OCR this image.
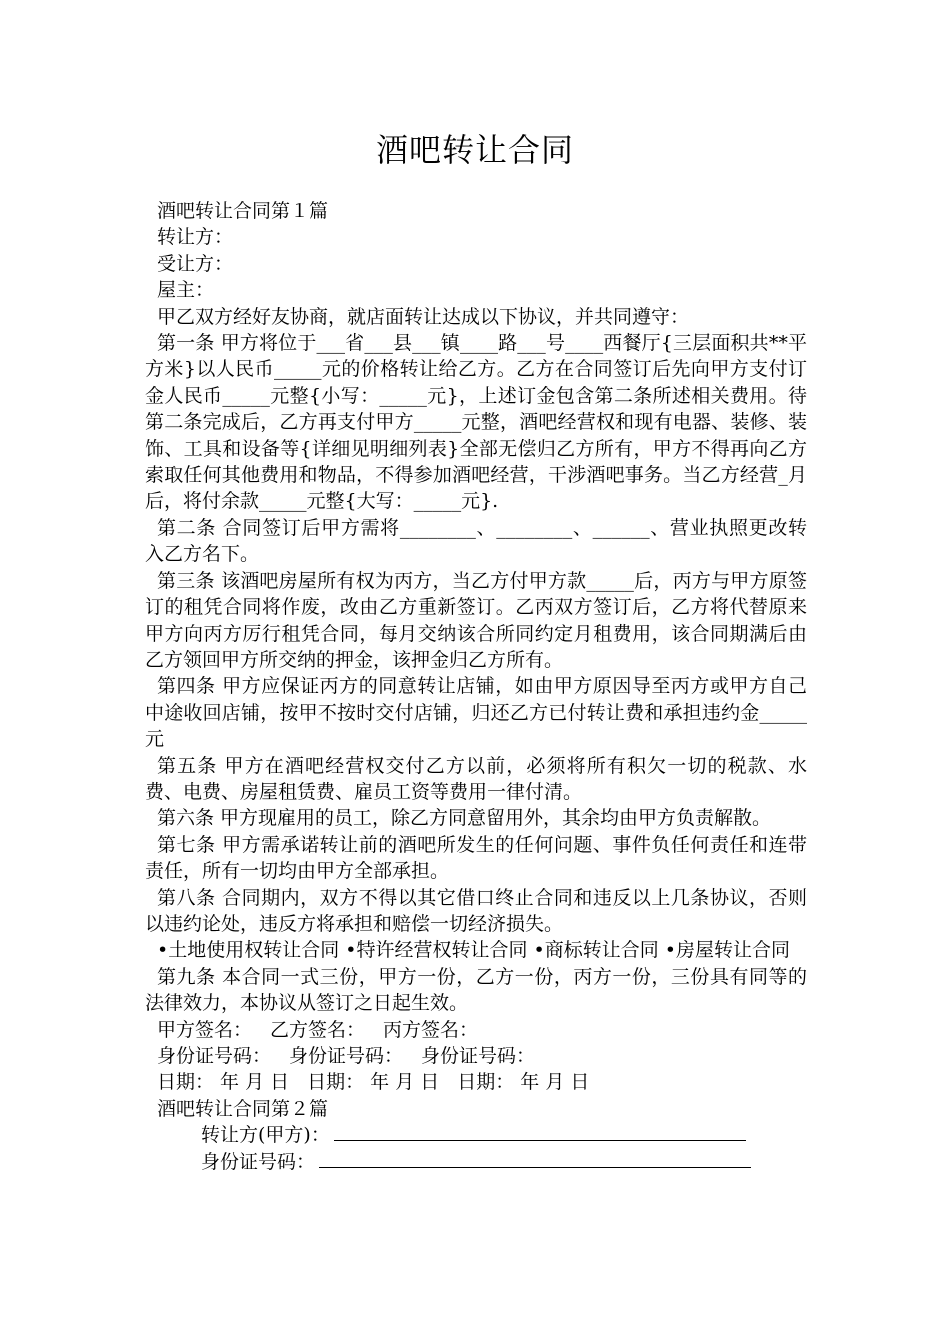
酒吧转让合同

酒吧转让合同第１篇

转让方：

受让方：

屋主：

甲乙双方经好友协商，就店面转让达成以下协议，并共同遵守：

第一条 甲方将位于___省___县___镇____路___号____西餐厅{三层面积共**平方米}以人民币_____元的价格转让给乙方。乙方在合同签订后先向甲方支付订金人民币_____元整{小写：_____元}，上述订金包含第二条所述相关费用。待第二条完成后，乙方再支付甲方_____元整，酒吧经营权和现有电器、装修、装饰、工具和设备等{详细见明细列表}全部无偿归乙方所有，甲方不得再向乙方索取任何其他费用和物品，不得参加酒吧经营，干涉酒吧事务。当乙方经营_月后，将付余款_____元整{大写：_____元}.

第二条 合同签订后甲方需将________、________、______、营业执照更改转入乙方名下。

第三条 该酒吧房屋所有权为丙方，当乙方付甲方款_____后，丙方与甲方原签订的租凭合同将作废，改由乙方重新签订。乙丙双方签订后，乙方将代替原来甲方向丙方厉行租凭合同，每月交纳该合所同约定月租费用，该合同期满后由乙方领回甲方所交纳的押金，该押金归乙方所有。

第四条 甲方应保证丙方的同意转让店铺，如由甲方原因导至丙方或甲方自己中途收回店铺，按甲不按时交付店铺，归还乙方已付转让费和承担违约金_____元

第五条 甲方在酒吧经营权交付乙方以前，必须将所有积欠一切的税款、水费、电费、房屋租赁费、雇员工资等费用一律付清。

第六条 甲方现雇用的员工，除乙方同意留用外，其余均由甲方负责解散。

第七条 甲方需承诺转让前的酒吧所发生的任何问题、事件负任何责任和连带责任，所有一切均由甲方全部承担。

第八条 合同期内，双方不得以其它借口终止合同和违反以上几条协议，否则以违约论处，违反方将承担和赔偿一切经济损失。

•土地使用权转让合同 •特许经营权转让合同 •商标转让合同 •房屋转让合同

第九条 本合同一式三份，甲方一份，乙方一份，丙方一份，三份具有同等的法律效力，本协议从签订之日起生效。

甲方签名： 乙方签名： 丙方签名：

身份证号码： 身份证号码： 身份证号码：

日期： 年 月 日 日期： 年 月 日 日期： 年 月 日

酒吧转让合同第２篇

转让方(甲方)：

身份证号码：
